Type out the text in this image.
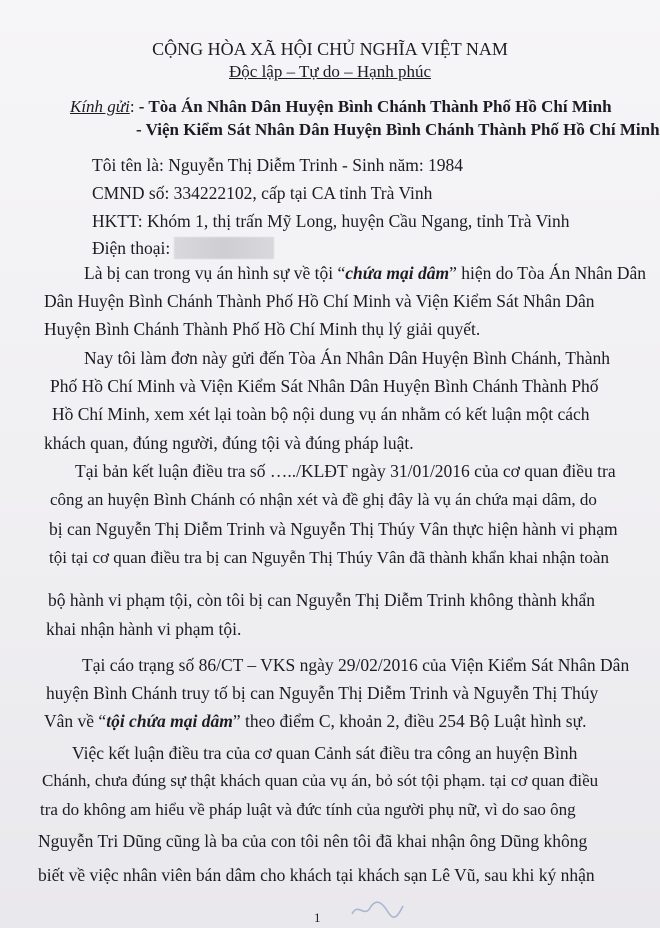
CỘNG HÒA XÃ HỘI CHỦ NGHĨA VIỆT NAM
Độc lập – Tự do – Hạnh phúc
Kính gửi: - Tòa Án Nhân Dân Huyện Bình Chánh Thành Phố Hồ Chí Minh
- Viện Kiểm Sát Nhân Dân Huyện Bình Chánh Thành Phố Hồ Chí Minh
Tôi tên là: Nguyễn Thị Diễm Trinh - Sinh năm: 1984
CMND số: 334222102, cấp tại CA tỉnh Trà Vinh
HKTT: Khóm 1, thị trấn Mỹ Long, huyện Cầu Ngang, tỉnh Trà Vinh
Điện thoại:
Là bị can trong vụ án hình sự về tội “chứa mại dâm” hiện do Tòa Án Nhân Dân
Dân Huyện Bình Chánh Thành Phố Hồ Chí Minh và Viện Kiểm Sát Nhân Dân
Huyện Bình Chánh Thành Phố Hồ Chí Minh thụ lý giải quyết.
Nay tôi làm đơn này gửi đến Tòa Án Nhân Dân Huyện Bình Chánh, Thành
Phố Hồ Chí Minh và Viện Kiểm Sát Nhân Dân Huyện Bình Chánh Thành Phố
Hồ Chí Minh, xem xét lại toàn bộ nội dung vụ án nhằm có kết luận một cách
khách quan, đúng người, đúng tội và đúng pháp luật.
Tại bản kết luận điều tra số …../KLĐT ngày 31/01/2016 của cơ quan điều tra
công an huyện Bình Chánh có nhận xét và đề ghị đây là vụ án chứa mại dâm, do
bị can Nguyễn Thị Diễm Trinh và Nguyễn Thị Thúy Vân thực hiện hành vi phạm
tội tại cơ quan điều tra bị can Nguyễn Thị Thúy Vân đã thành khẩn khai nhận toàn
bộ hành vi phạm tội, còn tôi bị can Nguyễn Thị Diễm Trinh không thành khẩn
khai nhận hành vi phạm tội.
Tại cáo trạng số 86/CT – VKS ngày 29/02/2016 của Viện Kiểm Sát Nhân Dân
huyện Bình Chánh truy tố bị can Nguyễn Thị Diễm Trinh và Nguyễn Thị Thúy
Vân về “tội chứa mại dâm” theo điểm C, khoản 2, điều 254 Bộ Luật hình sự.
Việc kết luận điều tra của cơ quan Cảnh sát điều tra công an huyện Bình
Chánh, chưa đúng sự thật khách quan của vụ án, bỏ sót tội phạm. tại cơ quan điều
tra do không am hiểu về pháp luật và đức tính của người phụ nữ, vì do sao ông
Nguyễn Tri Dũng cũng là ba của con tôi nên tôi đã khai nhận ông Dũng không
biết về việc nhân viên bán dâm cho khách tại khách sạn Lê Vũ, sau khi ký nhận
1
